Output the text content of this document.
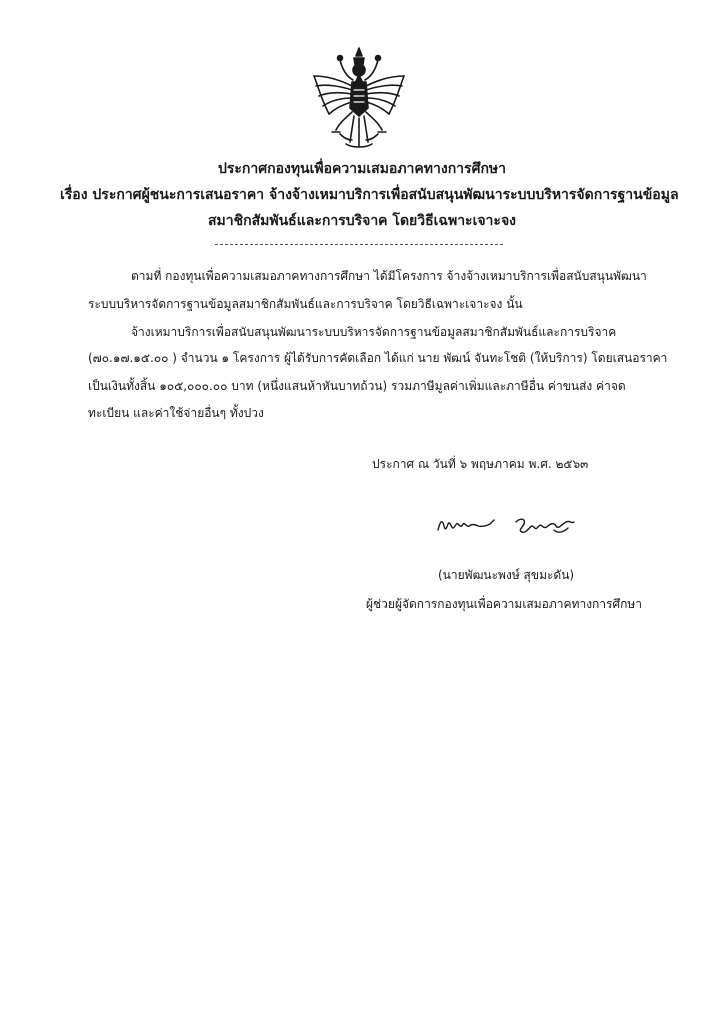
ประกาศกองทุนเพื่อความเสมอภาคทางการศึกษา
เรื่อง ประกาศผู้ชนะการเสนอราคา จ้างจ้างเหมาบริการเพื่อสนับสนุนพัฒนาระบบบริหารจัดการฐานข้อมูล
สมาชิกสัมพันธ์และการบริจาค โดยวิธีเฉพาะเจาะจง
ตามที่ กองทุนเพื่อความเสมอภาคทางการศึกษา ได้มีโครงการ จ้างจ้างเหมาบริการเพื่อสนับสนุนพัฒนา
ระบบบริหารจัดการฐานข้อมูลสมาชิกสัมพันธ์และการบริจาค โดยวิธีเฉพาะเจาะจง นั้น
จ้างเหมาบริการเพื่อสนับสนุนพัฒนาระบบบริหารจัดการฐานข้อมูลสมาชิกสัมพันธ์และการบริจาค
(๗๐.๑๗.๑๕.๐๐ ) จำนวน ๑ โครงการ ผู้ได้รับการคัดเลือก ได้แก่ นาย พัฒน์ จันทะโชติ (ให้บริการ) โดยเสนอราคา
เป็นเงินทั้งสิ้น ๑๐๕,๐๐๐.๐๐ บาท (หนึ่งแสนห้าหันบาทถ้วน) รวมภาษีมูลค่าเพิ่มและภาษีอื่น ค่าขนส่ง ค่าจด
ทะเบียน และค่าใช้จ่ายอื่นๆ ทั้งปวง
ประกาศ ณ วันที่ ๖ พฤษภาคม พ.ศ. ๒๕๖๓
(นายพัฒนะพงษ์ สุขมะดัน)
ผู้ช่วยผู้จัดการกองทุนเพื่อความเสมอภาคทางการศึกษา
